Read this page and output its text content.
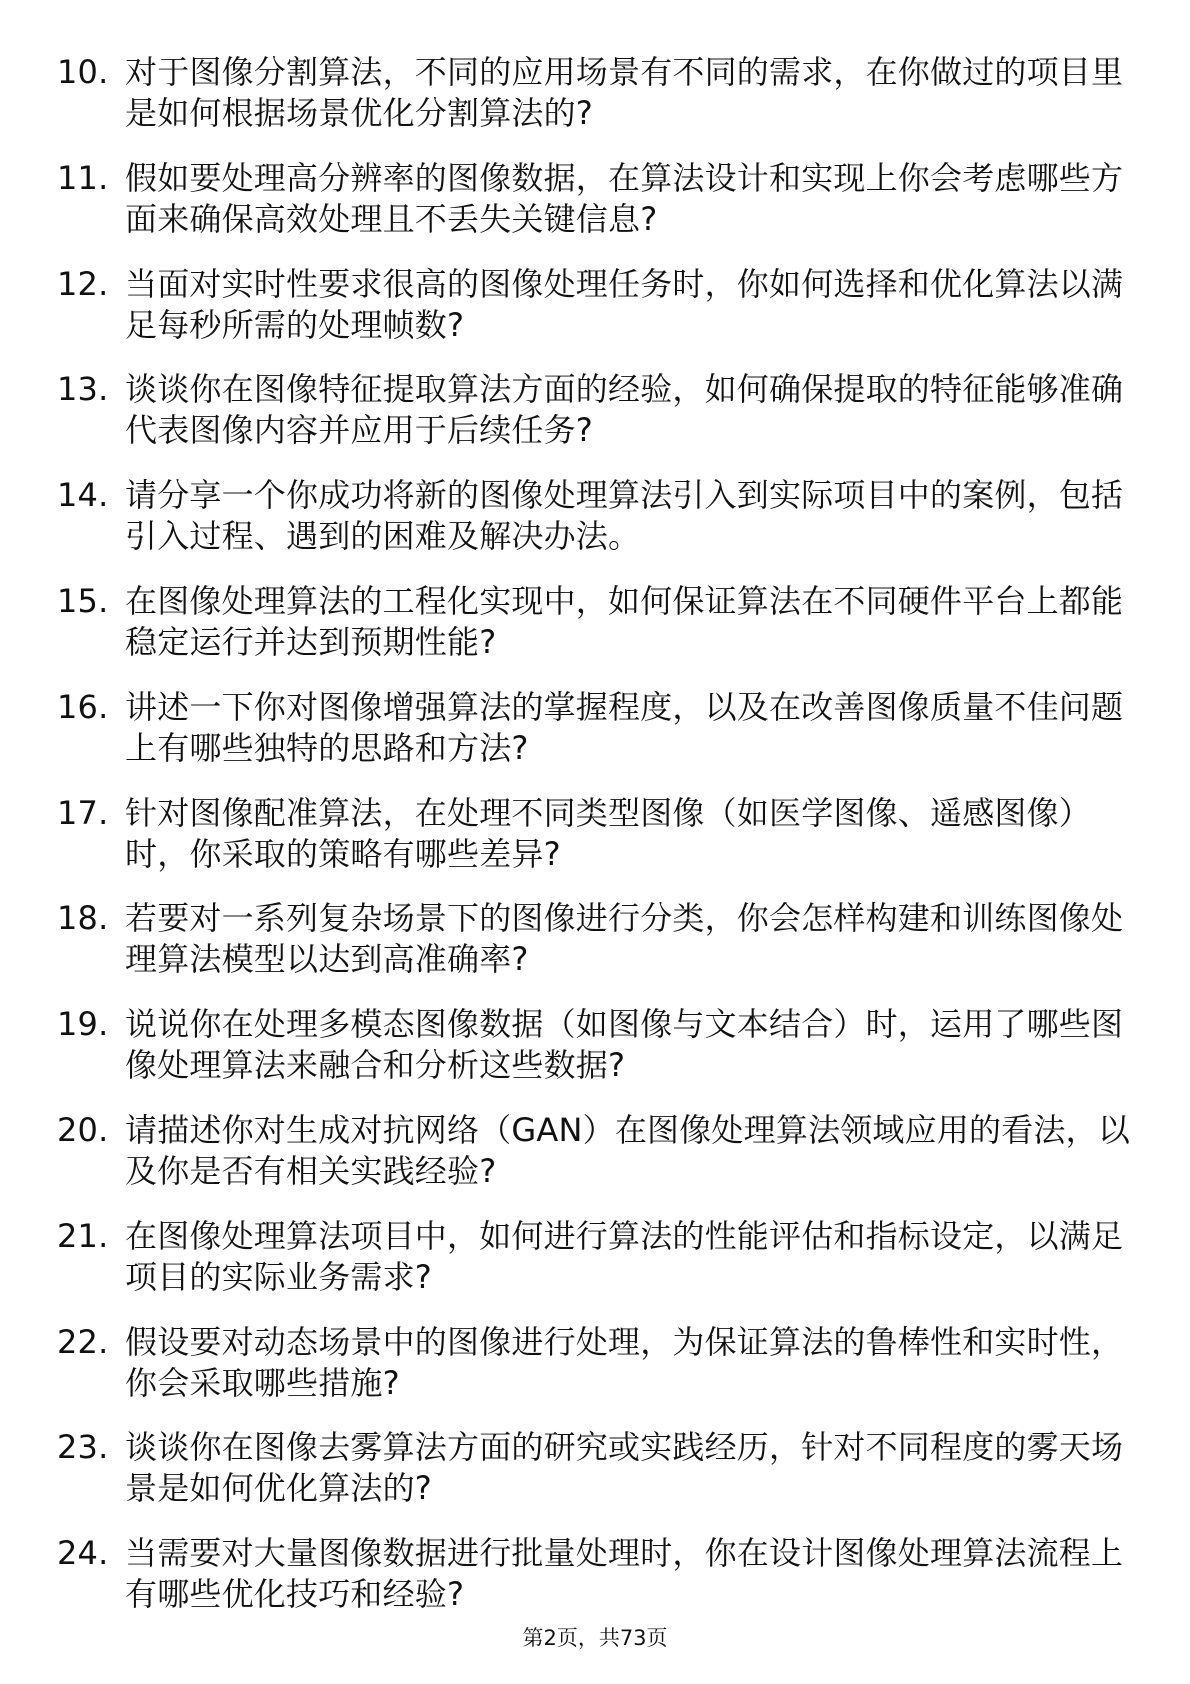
10. 对于图像分割算法，不同的应用场景有不同的需求，在你做过的项目里是如何根据场景优化分割算法的?
11. 假如要处理高分辨率的图像数据，在算法设计和实现上你会考虑哪些方面来确保高效处理且不丢失关键信息?
12. 当面对实时性要求很高的图像处理任务时，你如何选择和优化算法以满足每秒所需的处理帧数?
13. 谈谈你在图像特征提取算法方面的经验，如何确保提取的特征能够准确代表图像内容并应用于后续任务?
14. 请分享一个你成功将新的图像处理算法引入到实际项目中的案例，包括引入过程、遇到的困难及解决办法。
15. 在图像处理算法的工程化实现中，如何保证算法在不同硬件平台上都能稳定运行并达到预期性能?
16. 讲述一下你对图像增强算法的掌握程度，以及在改善图像质量不佳问题上有哪些独特的思路和方法?
17. 针对图像配准算法，在处理不同类型图像（如医学图像、遥感图像）时，你采取的策略有哪些差异?
18. 若要对一系列复杂场景下的图像进行分类，你会怎样构建和训练图像处理算法模型以达到高准确率?
19. 说说你在处理多模态图像数据（如图像与文本结合）时，运用了哪些图像处理算法来融合和分析这些数据?
20. 请描述你对生成对抗网络（GAN）在图像处理算法领域应用的看法，以及你是否有相关实践经验?
21. 在图像处理算法项目中，如何进行算法的性能评估和指标设定，以满足项目的实际业务需求?
22. 假设要对动态场景中的图像进行处理，为保证算法的鲁棒性和实时性，你会采取哪些措施?
23. 谈谈你在图像去雾算法方面的研究或实践经历，针对不同程度的雾天场景是如何优化算法的?
24. 当需要对大量图像数据进行批量处理时，你在设计图像处理算法流程上有哪些优化技巧和经验?
第2页，共73页
